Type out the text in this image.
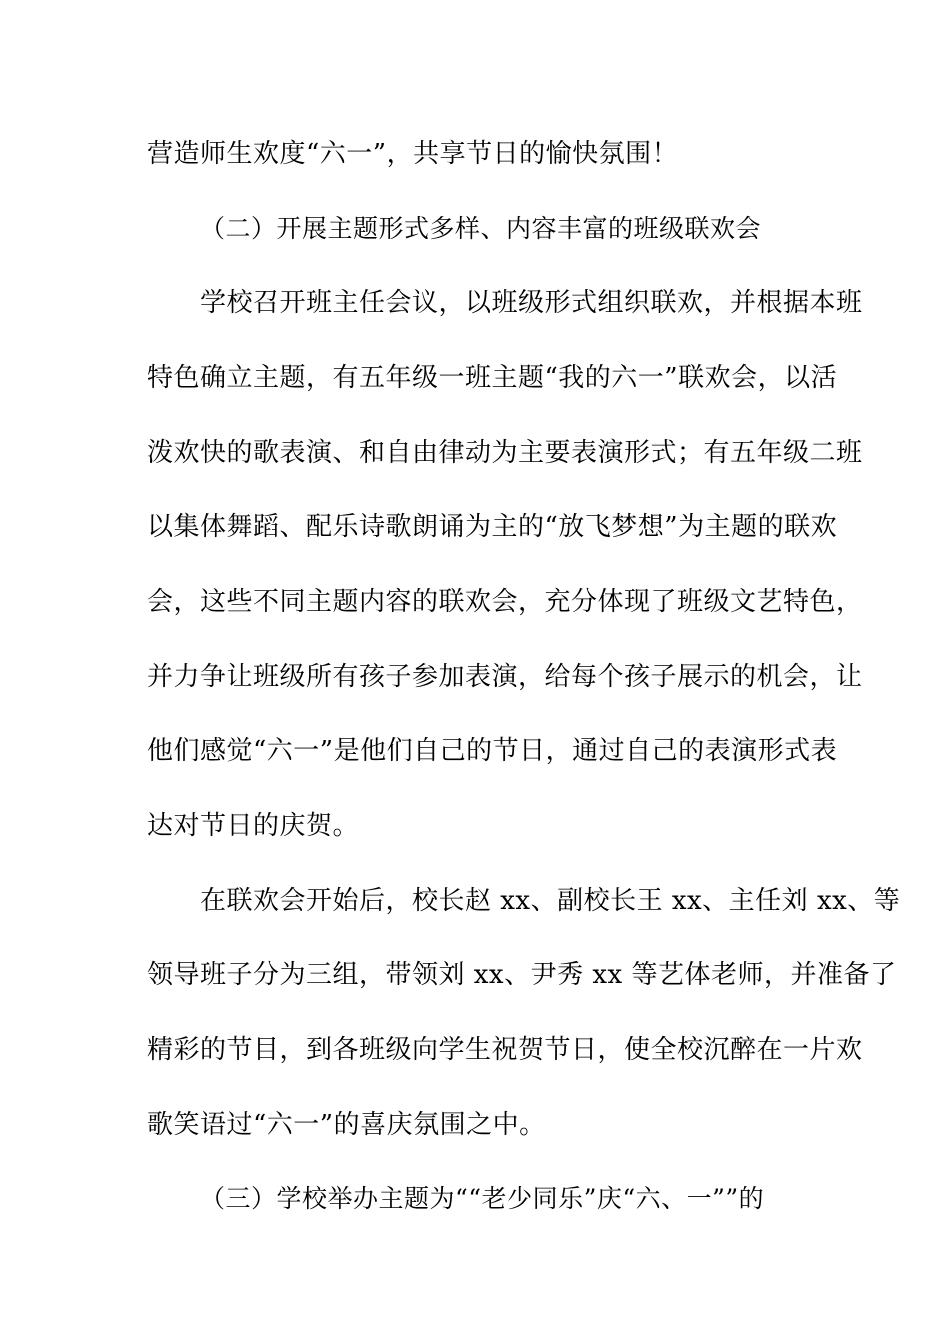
营造师生欢度“六一”，共享节日的愉快氛围！
（二）开展主题形式多样、内容丰富的班级联欢会
学校召开班主任会议，以班级形式组织联欢，并根据本班
特色确立主题，有五年级一班主题“我的六一”联欢会，以活
泼欢快的歌表演、和自由律动为主要表演形式；有五年级二班
以集体舞蹈、配乐诗歌朗诵为主的“放飞梦想”为主题的联欢
会，这些不同主题内容的联欢会，充分体现了班级文艺特色，
并力争让班级所有孩子参加表演，给每个孩子展示的机会，让
他们感觉“六一”是他们自己的节日，通过自己的表演形式表
达对节日的庆贺。
在联欢会开始后，校长赵 xx、副校长王 xx、主任刘 xx、等
领导班子分为三组，带领刘 xx、尹秀 xx 等艺体老师，并准备了
精彩的节目，到各班级向学生祝贺节日，使全校沉醉在一片欢
歌笑语过“六一”的喜庆氛围之中。
（三）学校举办主题为““老少同乐”庆“六、一””的
